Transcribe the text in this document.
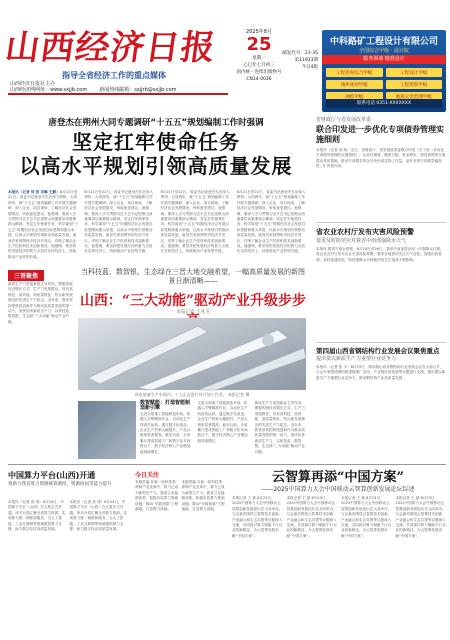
山西经济日报
指导全省经济工作的重点媒体
山西经济日报社主办
山西经济网网址：www.sxjjb.com 新闻热线邮箱：sxjjrb@sxjjb.com
2025年8月
25
星期一
乙巳年七月初三
国内统一连续出版物号
CN14-0036
邮发代号：21-35
第11923期
今日4版
中科路矿工程设计有限公司
全国综合甲级 · 设计院
服务领域 精准设计
工程咨询综合甲级	工程设计甲级
城乡规划甲级	工程勘察甲级
测绘甲级	地质灾害治理甲级
联系电话 0351-XXXXXXX
唐登杰在朔州大同专题调研“十五五”规划编制工作时强调
坚定扛牢使命任务
以高水平规划引领高质量发展
本报讯（记者 何 晋 刘琳 王静）8月21日至22日，省委书记唐登杰先后深入朔州、大同两市，就“十五五”规划编制工作开展专题调研，深入企业、项目现场，了解经济社会发展情况，听取意见建议。他强调，要深入学习贯彻习近平总书记视察山西重要讲话重要指示精神，坚定扛牢使命任务，科学谋划“十五五”时期经济社会发展目标思路和重大举措，以高水平规划引领推动高质量发展。唐登杰来到朔州市经济开发区，详细了解企业生产经营和技术创新情况。他强调，要坚持把发展经济的着力点放在实体经济上，持续推动产业转型升级。
8月21日至22日，省委书记唐登杰先后深入朔州、大同两市，就“十五五”规划编制工作开展专题调研，深入企业、项目现场，了解经济社会发展情况，听取意见建议。他强调，要深入学习贯彻习近平总书记视察山西重要讲话重要指示精神，坚定扛牢使命任务，科学谋划“十五五”时期经济社会发展目标思路和重大举措，以高水平规划引领推动高质量发展。唐登杰来到朔州市经济开发区，详细了解企业生产经营和技术创新情况。他强调，要坚持把发展经济的着力点放在实体经济上，持续推动产业转型升级。
8月21日至22日，省委书记唐登杰先后深入朔州、大同两市，就“十五五”规划编制工作开展专题调研，深入企业、项目现场，了解经济社会发展情况，听取意见建议。他强调，要深入学习贯彻习近平总书记视察山西重要讲话重要指示精神，坚定扛牢使命任务，科学谋划“十五五”时期经济社会发展目标思路和重大举措，以高水平规划引领推动高质量发展。唐登杰来到朔州市经济开发区，详细了解企业生产经营和技术创新情况。他强调，要坚持把发展经济的着力点放在实体经济上，持续推动产业转型升级。
8月21日至22日，省委书记唐登杰先后深入朔州、大同两市，就“十五五”规划编制工作开展专题调研，深入企业、项目现场，了解经济社会发展情况，听取意见建议。他强调，要深入学习贯彻习近平总书记视察山西重要讲话重要指示精神，坚定扛牢使命任务，科学谋划“十五五”时期经济社会发展目标思路和重大举措，以高水平规划引领推动高质量发展。唐登杰来到朔州市经济开发区，详细了解企业生产经营和技术创新情况。他强调，要坚持把发展经济的着力点放在实体经济上，持续推动产业转型升级。
省财政厅与省发展改革委
联合印发进一步优化专项债券管理实施细则
本报讯（记者 刘 萌）近日，省财政厅、省发展改革委联合印发《关于进一步优化专项债券管理的实施细则》，从项目储备、额度分配、资金使用、绩效管理等方面提出具体措施，推动专项债券资金尽快形成实物工作量，更好发挥专项债券稳投资、扩内需作用。
省农业农村厅发布灾害风险预警
要求及时防范应对我省中南部强降水天气
本报讯 据省气象台预报，8月24日至26日，我省中南部将出现一次强降水过程。省农业农村厅发布农业灾害风险预警，要求各地密切关注天气变化，加强田间管理，及时疏通沟渠，防范强降水对秋粮作物生长造成不利影响。
第四届山西省钢结构行业发展会议聚焦重点
提出要以新质生产力重塑行业竞争力
本报讯（记者 张 宇）8月23日，第四届山西省钢结构行业发展会议在太原召开，与会专家围绕钢结构建筑推广应用、产业链协同发展等议题进行交流，提出要以新质生产力重塑行业竞争力，推动钢结构产业高质量发展。
三晋聚焦
当科技蓝、数智银、生态绿在三晋大地交融希望，一幅高质量发展的新图景日渐清晰——
山西：“三大动能”驱动产业升级步步
本报记者 王兆飞
新质生产力是创新起主导作用，摆脱传统经济增长方式、生产力发展路径，具有高科技、高效能、高质量特征，符合新发展理念的先进生产力质态。近年来，我省坚持把科技创新作为推动高质量发展的第一动力，加快培育新质生产力，以科技蓝、数智银、生态绿“三大动能”驱动产业升级。
风电装备生产车间内，工人正在进行叶片加工作业。 本报记者 摄
数智赋能：打造智能制造新引擎
走进太原重工智能制造车间，机器人手臂精准作业，自动化生产线高效运转。通过数字化改造，企业生产效率大幅提升，产品合格率显著提高。截至目前，全省累计建成智能工厂和数字化车间数百个，数字经济核心产业增加值持续增长。
走进太原重工智能制造车间，机器人手臂精准作业，自动化生产线高效运转。通过数字化改造，企业生产效率大幅提升，产品合格率显著提高。截至目前，全省累计建成智能工厂和数字化车间数百个，数字经济核心产业增加值持续增长。
新质生产力是创新起主导作用，摆脱传统经济增长方式、生产力发展路径，具有高科技、高效能、高质量特征，符合新发展理念的先进生产力质态。近年来，我省坚持把科技创新作为推动高质量发展的第一动力，加快培育新质生产力，以科技蓝、数智银、生态绿“三大动能”驱动产业升级。
中国算力平台(山西)开通
将助力我省算力资源统筹调度，资源协同等能力提升
本报讯（记者 高 靖）8月24日，中国算力平台（山西）在太原正式开通。该平台将汇聚全省算力资源，实现算力统一调度和服务，为人工智能、工业互联网等领域提供算力支撑，助力数字经济高质量发展。
本报讯（记者 高 靖）8月24日，中国算力平台（山西）在太原正式开通。该平台将汇聚全省算力资源，实现算力统一调度和服务，为人工智能、工业互联网等领域提供算力支撑，助力数字经济高质量发展。
今日关注
本版责编 在新一轮科技革命和产业变革中，算力已成为新型生产力。我省立足能源优势，积极布局算力基础设施，推动“东数西算”工程落地，打造算力高地。
本版责编 在新一轮科技革命和产业变革中，算力已成为新型生产力。我省立足能源优势，积极布局算力基础设施，推动“东数西算”工程落地，打造算力高地。
云智算再添“中国方案”
——2025中国算力大会中国移动云智算创新发展论坛综述
本报记者 王 斌 8月23日，2025中国算力大会中国移动云智算创新发展论坛在大同举办。与会嘉宾围绕云智算技术创新、产业融合和生态共建等议题深入交流，共同探讨算力赋能千行百业的新路径，为云智算发展贡献“中国方案”。
本报记者 王 斌 8月23日，2025中国算力大会中国移动云智算创新发展论坛在大同举办。与会嘉宾围绕云智算技术创新、产业融合和生态共建等议题深入交流，共同探讨算力赋能千行百业的新路径，为云智算发展贡献“中国方案”。
本报记者 王 斌 8月23日，2025中国算力大会中国移动云智算创新发展论坛在大同举办。与会嘉宾围绕云智算技术创新、产业融合和生态共建等议题深入交流，共同探讨算力赋能千行百业的新路径，为云智算发展贡献“中国方案”。
本报记者 王 斌 8月23日，2025中国算力大会中国移动云智算创新发展论坛在大同举办。与会嘉宾围绕云智算技术创新、产业融合和生态共建等议题深入交流，共同探讨算力赋能千行百业的新路径，为云智算发展贡献“中国方案”。
